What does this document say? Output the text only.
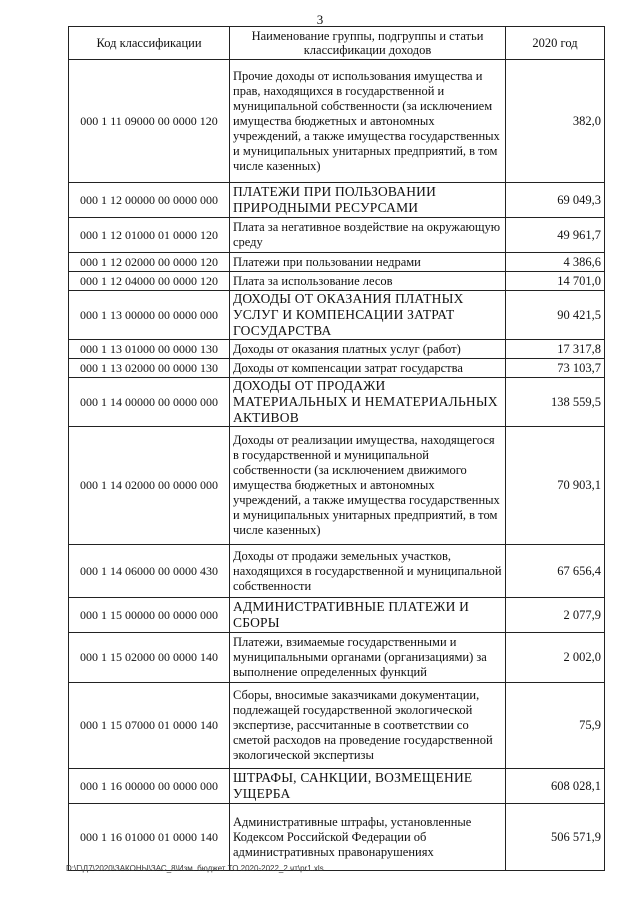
3
Код классификации	Наименование группы, подгруппы и статьи классификации доходов	2020 год
000 1 11 09000 00 0000 120	Прочие доходы от использования имущества и прав, находящихся в государственной и муниципальной собственности (за исключением имущества бюджетных и автономных учреждений, а также имущества государственных и муниципальных унитарных предприятий, в том числе казенных)	382,0
000 1 12 00000 00 0000 000	ПЛАТЕЖИ ПРИ ПОЛЬЗОВАНИИ ПРИРОДНЫМИ РЕСУРСАМИ	69 049,3
000 1 12 01000 01 0000 120	Плата за негативное воздействие на окружающую среду	49 961,7
000 1 12 02000 00 0000 120	Платежи при пользовании недрами	4 386,6
000 1 12 04000 00 0000 120	Плата за использование лесов	14 701,0
000 1 13 00000 00 0000 000	ДОХОДЫ ОТ ОКАЗАНИЯ ПЛАТНЫХ УСЛУГ И КОМПЕНСАЦИИ ЗАТРАТ ГОСУДАРСТВА	90 421,5
000 1 13 01000 00 0000 130	Доходы от оказания платных услуг (работ)	17 317,8
000 1 13 02000 00 0000 130	Доходы от компенсации затрат государства	73 103,7
000 1 14 00000 00 0000 000	ДОХОДЫ ОТ ПРОДАЖИ МАТЕРИАЛЬНЫХ И НЕМАТЕРИАЛЬНЫХ АКТИВОВ	138 559,5
000 1 14 02000 00 0000 000	Доходы от реализации имущества, находящегося в государственной и муниципальной собственности (за исключением движимого имущества бюджетных и автономных учреждений, а также имущества государственных и муниципальных унитарных предприятий, в том числе казенных)	70 903,1
000 1 14 06000 00 0000 430	Доходы от продажи земельных участков, находящихся в государственной и муниципальной собственности	67 656,4
000 1 15 00000 00 0000 000	АДМИНИСТРАТИВНЫЕ ПЛАТЕЖИ И СБОРЫ	2 077,9
000 1 15 02000 00 0000 140	Платежи, взимаемые государственными и муниципальными органами (организациями) за выполнение определенных функций	2 002,0
000 1 15 07000 01 0000 140	Сборы, вносимые заказчиками документации, подлежащей государственной экологической экспертизе, рассчитанные в соответствии со сметой расходов на проведение государственной экологической экспертизы	75,9
000 1 16 00000 00 0000 000	ШТРАФЫ, САНКЦИИ, ВОЗМЕЩЕНИЕ УЩЕРБА	608 028,1
000 1 16 01000 01 0000 140	Административные штрафы, установленные Кодексом Российской Федерации об административных правонарушениях	506 571,9
D:\Г\Д7\2020\ЗАКОНЫ\ЗАС_8\Изм. бюджет ТО 2020-2022_2 чт\pr1.xls
